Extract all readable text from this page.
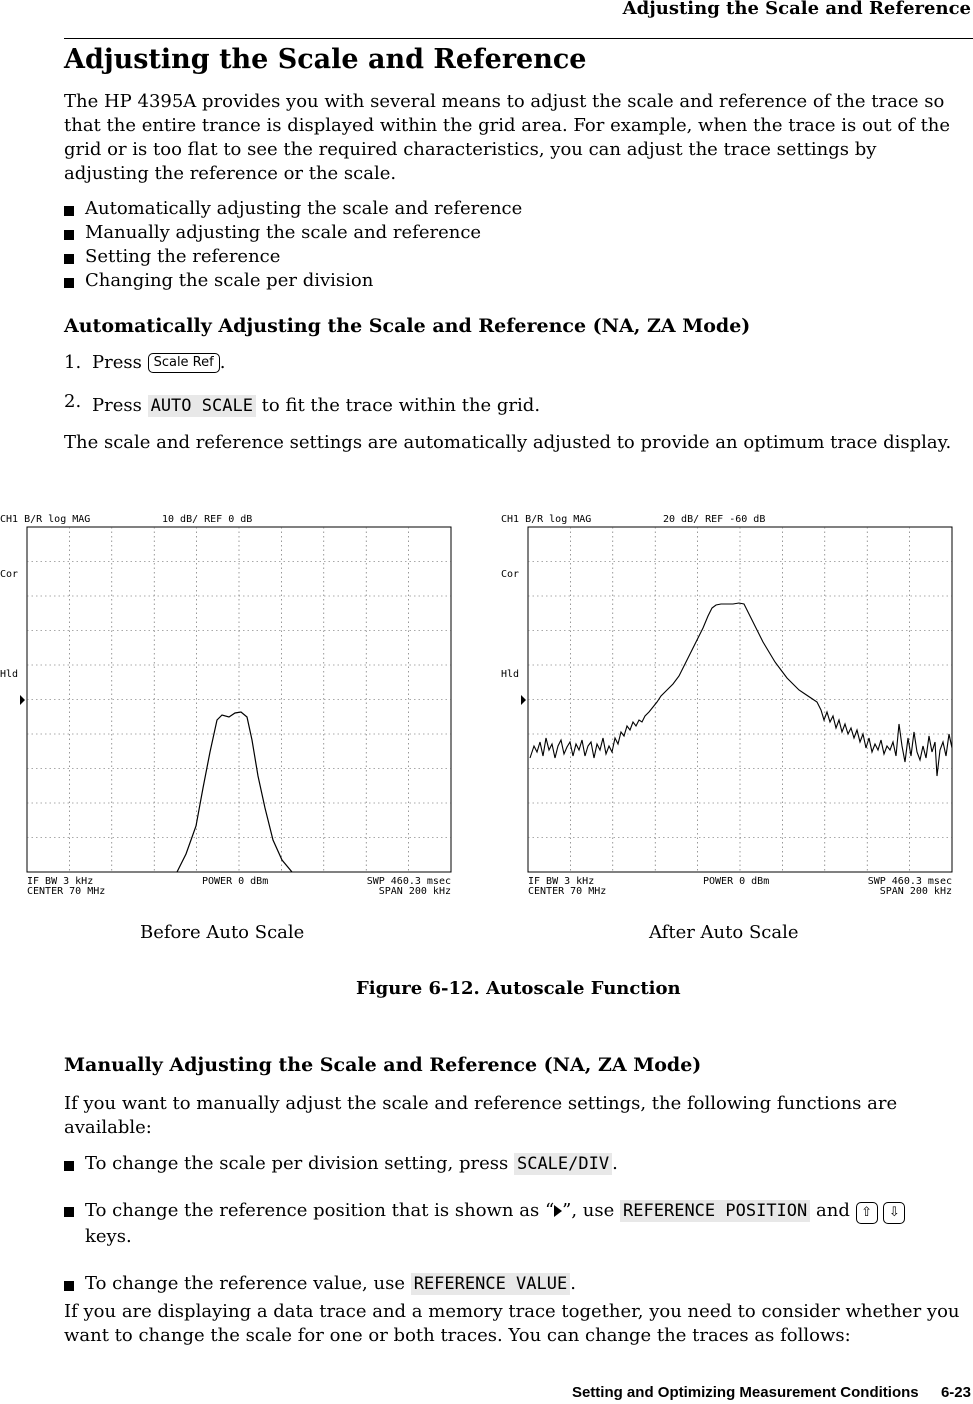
Adjusting the Scale and Reference
Adjusting the Scale and Reference
The HP 4395A provides you with several means to adjust the scale and reference of the trace so that the entire trance is displayed within the grid area. For example, when the trace is out of the grid or is too flat to see the required characteristics, you can adjust the trace settings by adjusting the reference or the scale.
Automatically adjusting the scale and reference
Manually adjusting the scale and reference
Setting the reference
Changing the scale per division
Automatically Adjusting the Scale and Reference (NA, ZA Mode)
1. Press Scale Ref .
2. Press AUTO SCALE to fit the trace within the grid.
The scale and reference settings are automatically adjusted to provide an optimum trace display.
CH1 B/R log MAG	10 dB/ REF 0 dB
Cor
Hld
IF BW 3 kHz	POWER 0 dBm	SWP 460.3 msec
CENTER 70 MHz	SPAN 200 kHz
CH1 B/R log MAG	20 dB/ REF -60 dB
Cor
Hld
IF BW 3 kHz	POWER 0 dBm	SWP 460.3 msec
CENTER 70 MHz	SPAN 200 kHz
Before Auto Scale	After Auto Scale
Figure 6-12. Autoscale Function
Manually Adjusting the Scale and Reference (NA, ZA Mode)
If you want to manually adjust the scale and reference settings, the following functions are available:
To change the scale per division setting, press SCALE/DIV .
To change the reference position that is shown as “ ”, use REFERENCE POSITION and ⇧ ⇩
keys.
To change the reference value, use REFERENCE VALUE .
If you are displaying a data trace and a memory trace together, you need to consider whether you want to change the scale for one or both traces. You can change the traces as follows:
Setting and Optimizing Measurement Conditions 6-23
